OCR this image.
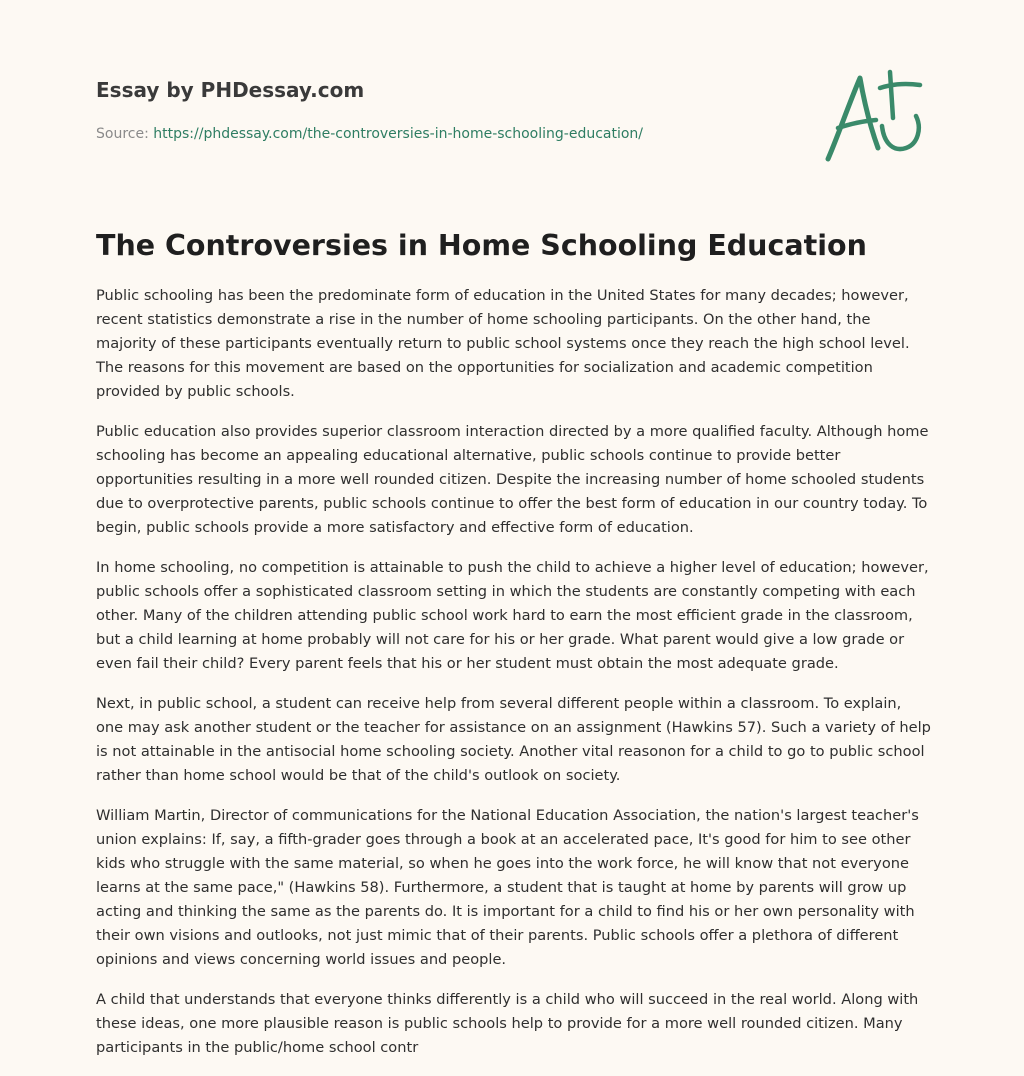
Essay by PHDessay.com
Source: https://phdessay.com/the-controversies-in-home-schooling-education/
The Controversies in Home Schooling Education

Public schooling has been the predominate form of education in the United States for many decades; however, recent statistics demonstrate a rise in the number of home schooling participants. On the other hand, the majority of these participants eventually return to public school systems once they reach the high school level. The reasons for this movement are based on the opportunities for socialization and academic competition provided by public schools.

Public education also provides superior classroom interaction directed by a more qualified faculty. Although home schooling has become an appealing educational alternative, public schools continue to provide better opportunities resulting in a more well rounded citizen. Despite the increasing number of home schooled students due to overprotective parents, public schools continue to offer the best form of education in our country today. To begin, public schools provide a more satisfactory and effective form of education.

In home schooling, no competition is attainable to push the child to achieve a higher level of education; however, public schools offer a sophisticated classroom setting in which the students are constantly competing with each other. Many of the children attending public school work hard to earn the most efficient grade in the classroom, but a child learning at home probably will not care for his or her grade. What parent would give a low grade or even fail their child? Every parent feels that his or her student must obtain the most adequate grade.

Next, in public school, a student can receive help from several different people within a classroom. To explain, one may ask another student or the teacher for assistance on an assignment (Hawkins 57). Such a variety of help is not attainable in the antisocial home schooling society. Another vital reasonon for a child to go to public school rather than home school would be that of the child's outlook on society.

William Martin, Director of communications for the National Education Association, the nation's largest teacher's union explains: If, say, a fifth-grader goes through a book at an accelerated pace, It's good for him to see other kids who struggle with the same material, so when he goes into the work force, he will know that not everyone learns at the same pace," (Hawkins 58). Furthermore, a student that is taught at home by parents will grow up acting and thinking the same as the parents do. It is important for a child to find his or her own personality with their own visions and outlooks, not just mimic that of their parents. Public schools offer a plethora of different opinions and views concerning world issues and people.

A child that understands that everyone thinks differently is a child who will succeed in the real world. Along with these ideas, one more plausible reason is public schools help to provide for a more well rounded citizen. Many participants in the public/home school contr
